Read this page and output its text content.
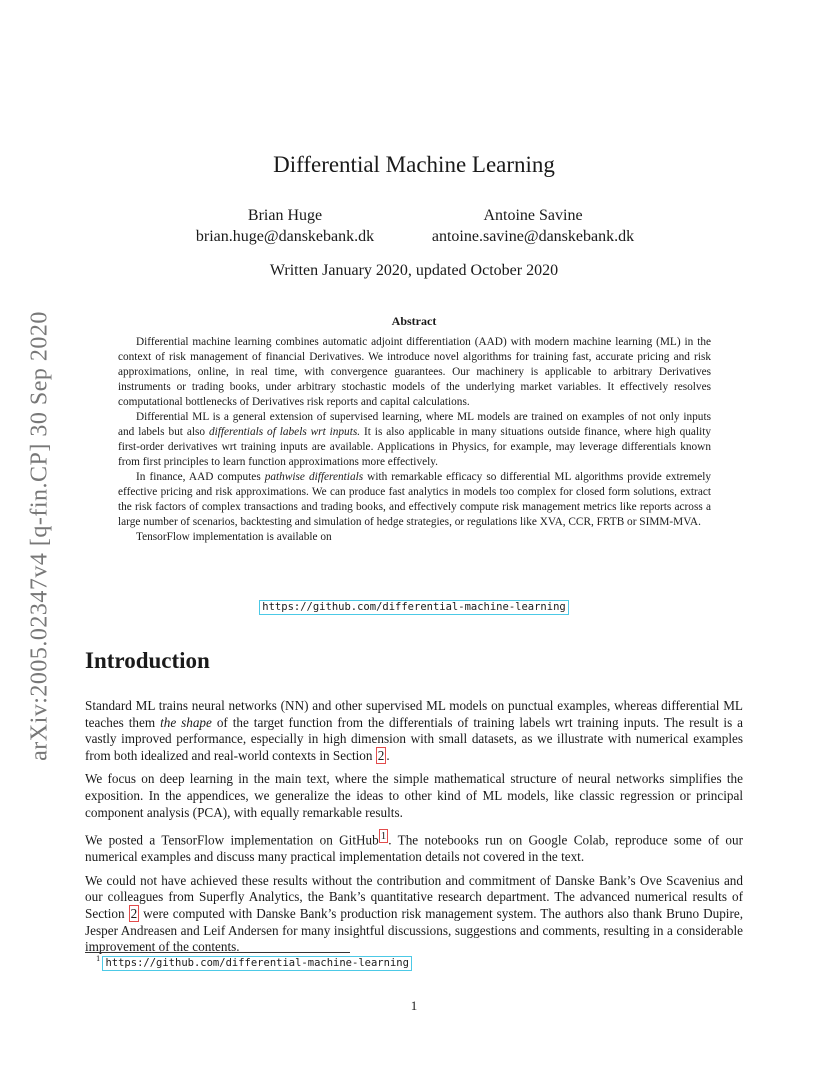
arXiv:2005.02347v4 [q-fin.CP] 30 Sep 2020
Differential Machine Learning
Brian Huge
brian.huge@danskebank.dk
Antoine Savine
antoine.savine@danskebank.dk
Written January 2020, updated October 2020
Abstract

Differential machine learning combines automatic adjoint differentiation (AAD) with modern machine learning (ML) in the context of risk management of financial Derivatives. We introduce novel algorithms for training fast, accurate pricing and risk approximations, online, in real time, with convergence guarantees. Our machinery is applicable to arbitrary Derivatives instruments or trading books, under arbitrary stochastic models of the underlying market variables. It effectively resolves computational bottlenecks of Derivatives risk reports and capital calculations.

Differential ML is a general extension of supervised learning, where ML models are trained on examples of not only inputs and labels but also differentials of labels wrt inputs. It is also applicable in many situations outside finance, where high quality first-order derivatives wrt training inputs are available. Applications in Physics, for example, may leverage differentials known from first principles to learn function approximations more effectively.

In finance, AAD computes pathwise differentials with remarkable efficacy so differential ML algorithms provide extremely effective pricing and risk approximations. We can produce fast analytics in models too complex for closed form solutions, extract the risk factors of complex transactions and trading books, and effectively compute risk management metrics like reports across a large number of scenarios, backtesting and simulation of hedge strategies, or regulations like XVA, CCR, FRTB or SIMM-MVA.

TensorFlow implementation is available on

https://github.com/differential-machine-learning
Introduction

Standard ML trains neural networks (NN) and other supervised ML models on punctual examples, whereas differential ML teaches them the shape of the target function from the differentials of training labels wrt training inputs. The result is a vastly improved performance, especially in high dimension with small datasets, as we illustrate with numerical examples from both idealized and real-world contexts in Section 2 .

We focus on deep learning in the main text, where the simple mathematical structure of neural networks simplifies the exposition. In the appendices, we generalize the ideas to other kind of ML models, like classic regression or principal component analysis (PCA), with equally remarkable results.

We posted a TensorFlow implementation on GitHub $^1$ . The notebooks run on Google Colab, reproduce some of our numerical examples and discuss many practical implementation details not covered in the text.

We could not have achieved these results without the contribution and commitment of Danske Bank’s Ove Scavenius and our colleagues from Superfly Analytics, the Bank’s quantitative research department. The advanced numerical results of Section 2 were computed with Danske Bank’s production risk management system. The authors also thank Bruno Dupire, Jesper Andreasen and Leif Andersen for many insightful discussions, suggestions and comments, resulting in a considerable improvement of the contents.

$^1$ https://github.com/differential-machine-learning
1
